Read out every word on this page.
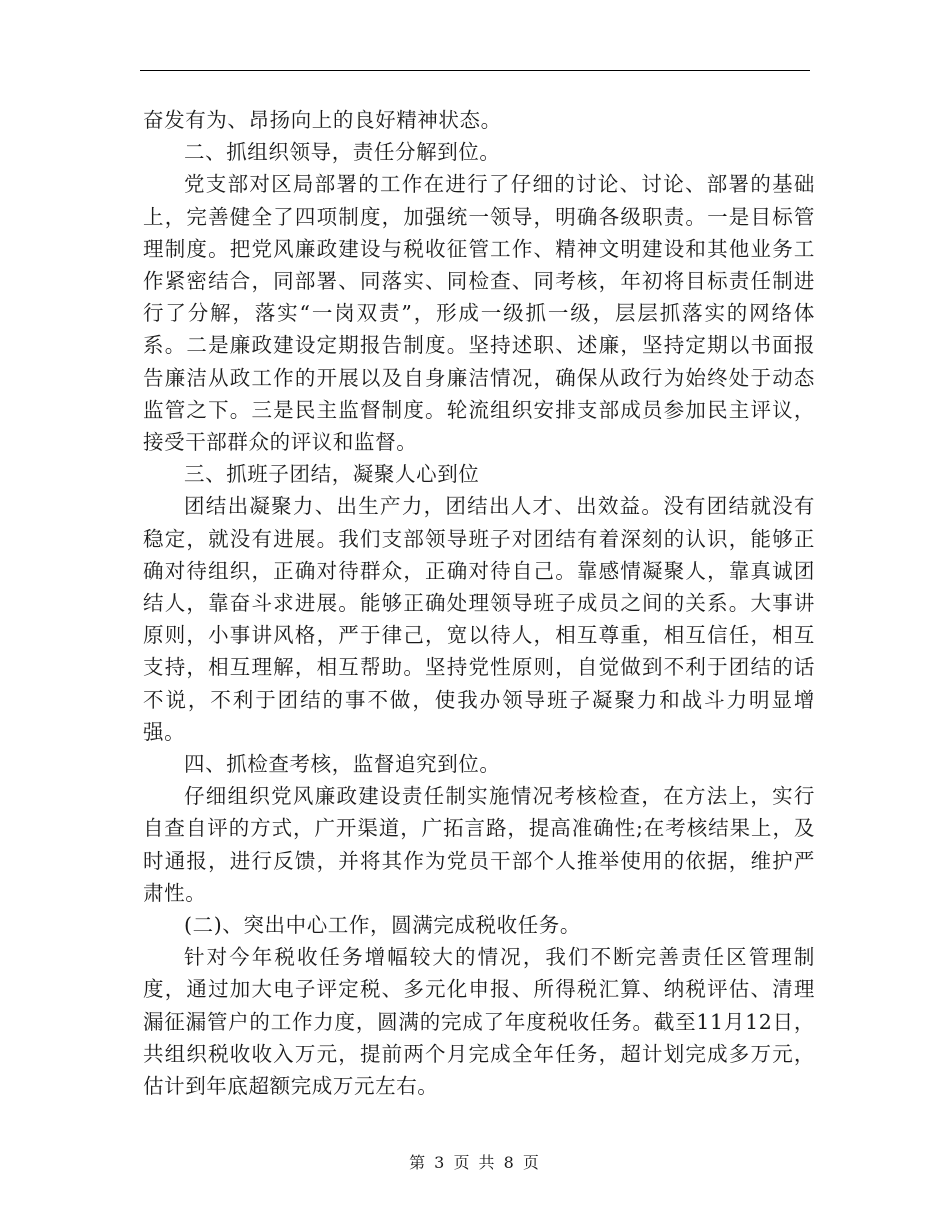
奋发有为、昂扬向上的良好精神状态。

二、抓组织领导，责任分解到位。

党支部对区局部署的工作在进行了仔细的讨论、讨论、部署的基础上，完善健全了四项制度，加强统一领导，明确各级职责。一是目标管理制度。把党风廉政建设与税收征管工作、精神文明建设和其他业务工作紧密结合，同部署、同落实、同检查、同考核，年初将目标责任制进行了分解，落实“一岗双责”，形成一级抓一级，层层抓落实的网络体系。二是廉政建设定期报告制度。坚持述职、述廉，坚持定期以书面报告廉洁从政工作的开展以及自身廉洁情况，确保从政行为始终处于动态监管之下。三是民主监督制度。轮流组织安排支部成员参加民主评议，接受干部群众的评议和监督。

三、抓班子团结，凝聚人心到位

团结出凝聚力、出生产力，团结出人才、出效益。没有团结就没有稳定，就没有进展。我们支部领导班子对团结有着深刻的认识，能够正确对待组织，正确对待群众，正确对待自己。靠感情凝聚人，靠真诚团结人，靠奋斗求进展。能够正确处理领导班子成员之间的关系。大事讲原则，小事讲风格，严于律己，宽以待人，相互尊重，相互信任，相互支持，相互理解，相互帮助。坚持党性原则，自觉做到不利于团结的话不说，不利于团结的事不做，使我办领导班子凝聚力和战斗力明显增强。

四、抓检查考核，监督追究到位。

仔细组织党风廉政建设责任制实施情况考核检查，在方法上，实行自查自评的方式，广开渠道，广拓言路，提高准确性;在考核结果上，及时通报，进行反馈，并将其作为党员干部个人推举使用的依据，维护严肃性。

(二)、突出中心工作，圆满完成税收任务。

针对今年税收任务增幅较大的情况，我们不断完善责任区管理制度，通过加大电子评定税、多元化申报、所得税汇算、纳税评估、清理漏征漏管户的工作力度，圆满的完成了年度税收任务。截至11月12日，共组织税收收入万元，提前两个月完成全年任务，超计划完成多万元，估计到年底超额完成万元左右。

第 3 页 共 8 页
